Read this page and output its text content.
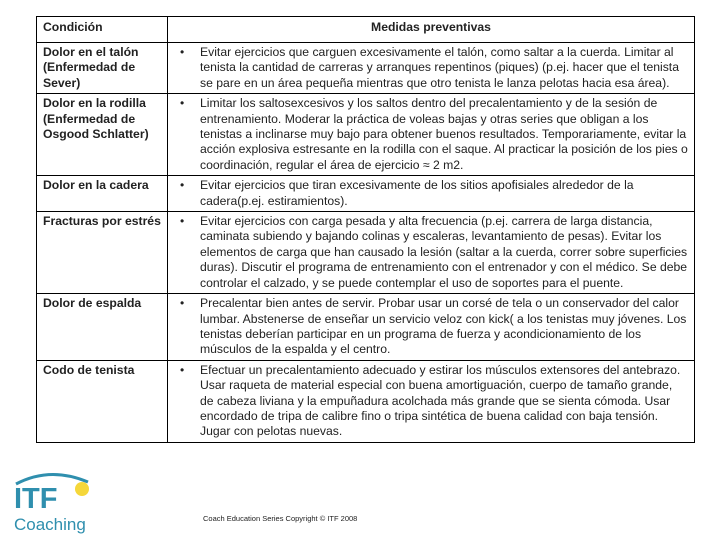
Condición	Medidas preventivas	
Dolor en el talón (Enfermedad de Sever)	•	Evitar ejercicios que carguen excesivamente el talón, como saltar a la cuerda. Limitar al tenista la cantidad de carreras y arranques repentinos (piques) (p.ej. hacer que el tenista se pare en un área pequeña mientras que otro tenista le lanza pelotas hacia esa área).
Dolor en la rodilla (Enfermedad de Osgood Schlatter)	•	Limitar los saltosexcesivos y los saltos dentro del precalentamiento y de la sesión de entrenamiento. Moderar la práctica de voleas bajas y otras series que obligan a los tenistas a inclinarse muy bajo para obtener buenos resultados. Temporariamente, evitar la acción explosiva estresante en la rodilla con el saque. Al practicar la posición de los pies o coordinación, regular el área de ejercicio ≈ 2 m2.
Dolor en la cadera	•	Evitar ejercicios que tiran excesivamente de los sitios apofisiales alrededor de la cadera(p.ej. estiramientos).
Fracturas por estrés	•	Evitar ejercicios con carga pesada y alta frecuencia (p.ej. carrera de larga distancia, caminata subiendo y bajando colinas y escaleras, levantamiento de pesas). Evitar los elementos de carga que han causado la lesión (saltar a la cuerda, correr sobre superficies duras). Discutir el programa de entrenamiento con el entrenador y con el médico. Se debe controlar el calzado, y se puede contemplar el uso de soportes para el puente.
Dolor de espalda	•	Precalentar bien antes de servir. Probar usar un corsé de tela o un conservador del calor lumbar. Abstenerse de enseñar un servicio veloz con kick( a los tenistas muy jóvenes. Los tenistas deberían participar en un programa de fuerza y acondicionamiento de los músculos de la espalda y el centro.
Codo de tenista	•	Efectuar un precalentamiento adecuado y estirar los músculos extensores del antebrazo. Usar raqueta de material especial con buena amortiguación, cuerpo de tamaño grande, de cabeza liviana y la empuñadura acolchada más grande que se sienta cómoda. Usar encordado de tripa de calibre fino o tripa sintética de buena calidad con baja tensión. Jugar con pelotas nuevas.
ITF
Coaching	Coach Education Series Copyright © ITF 2008
